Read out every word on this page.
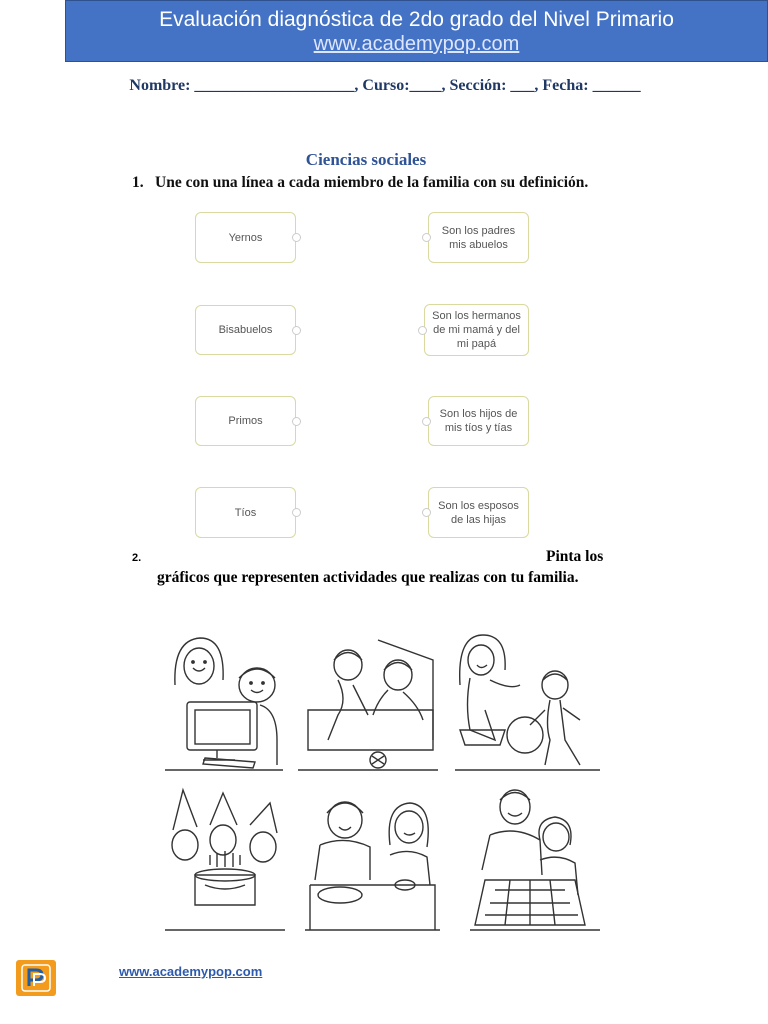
Evaluación diagnóstica de 2do grado del Nivel Primario
www.academypop.com
Nombre: ____________________, Curso:____, Sección: ___, Fecha: ______
Ciencias sociales
1. Une con una línea a cada miembro de la familia con su definición.
Yernos
Bisabuelos
Primos
Tíos
Son los padres mis abuelos
Son los hermanos de mi mamá y del mi papá
Son los hijos de mis tíos y tías
Son los esposos de las hijas
2.	Pinta los
gráficos que representen actividades que realizas con tu familia.
www.academypop.com
